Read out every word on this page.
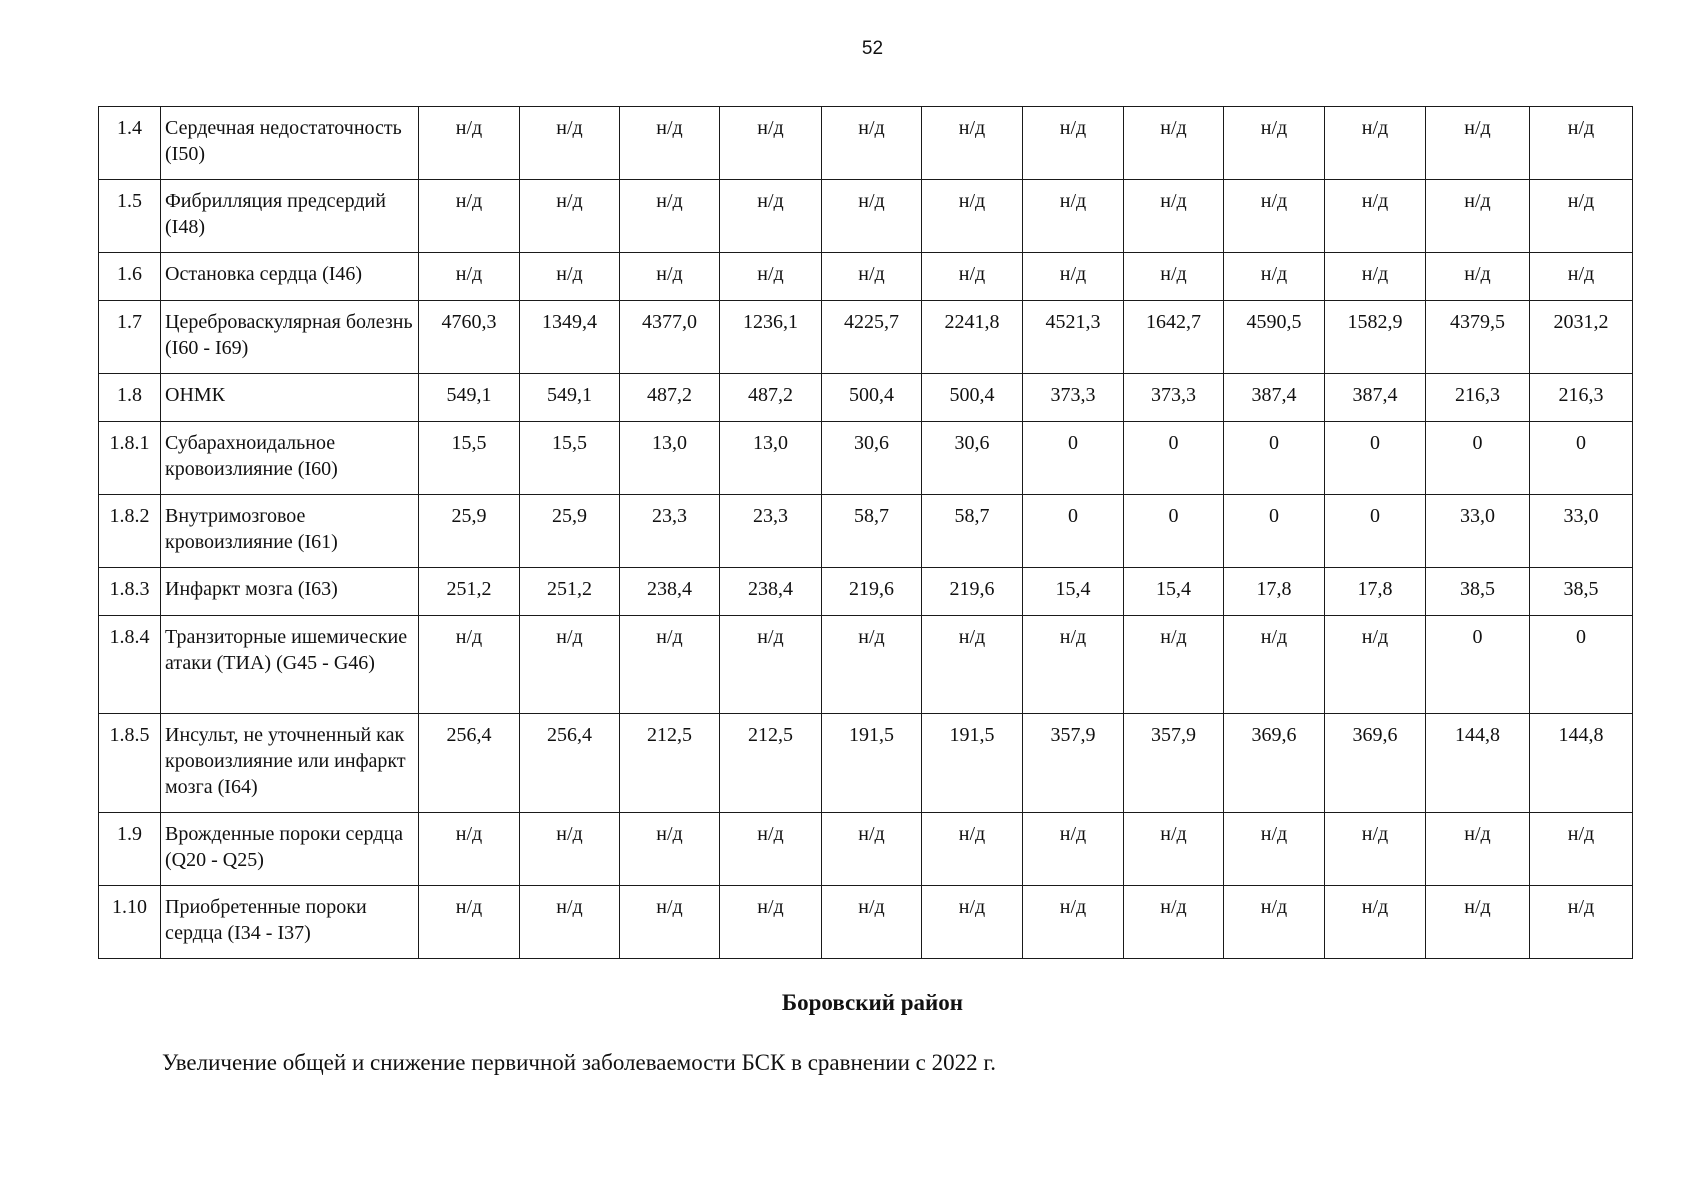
52
1.4	Сердечная недостаточность (I50)	н/д	н/д	н/д	н/д	н/д	н/д	н/д	н/д	н/д	н/д	н/д	н/д
1.5	Фибрилляция предсердий (I48)	н/д	н/д	н/д	н/д	н/д	н/д	н/д	н/д	н/д	н/д	н/д	н/д
1.6	Остановка сердца (I46)	н/д	н/д	н/д	н/д	н/д	н/д	н/д	н/д	н/д	н/д	н/д	н/д
1.7	Цереброваскулярная болезнь (I60 - I69)	4760,3	1349,4	4377,0	1236,1	4225,7	2241,8	4521,3	1642,7	4590,5	1582,9	4379,5	2031,2
1.8	ОНМК	549,1	549,1	487,2	487,2	500,4	500,4	373,3	373,3	387,4	387,4	216,3	216,3
1.8.1	Субарахноидальное кровоизлияние (I60)	15,5	15,5	13,0	13,0	30,6	30,6	0	0	0	0	0	0
1.8.2	Внутримозговое кровоизлияние (I61)	25,9	25,9	23,3	23,3	58,7	58,7	0	0	0	0	33,0	33,0
1.8.3	Инфаркт мозга (I63)	251,2	251,2	238,4	238,4	219,6	219,6	15,4	15,4	17,8	17,8	38,5	38,5
1.8.4	Транзиторные ишемические атаки (ТИА) (G45 - G46)	н/д	н/д	н/д	н/д	н/д	н/д	н/д	н/д	н/д	н/д	0	0
1.8.5	Инсульт, не уточненный как кровоизлияние или инфаркт мозга (I64)	256,4	256,4	212,5	212,5	191,5	191,5	357,9	357,9	369,6	369,6	144,8	144,8
1.9	Врожденные пороки сердца (Q20 - Q25)	н/д	н/д	н/д	н/д	н/д	н/д	н/д	н/д	н/д	н/д	н/д	н/д
1.10	Приобретенные пороки сердца (I34 - I37)	н/д	н/д	н/д	н/д	н/д	н/д	н/д	н/д	н/д	н/д	н/д	н/д
Боровский район
Увеличение общей и снижение первичной заболеваемости БСК в сравнении с 2022 г.
